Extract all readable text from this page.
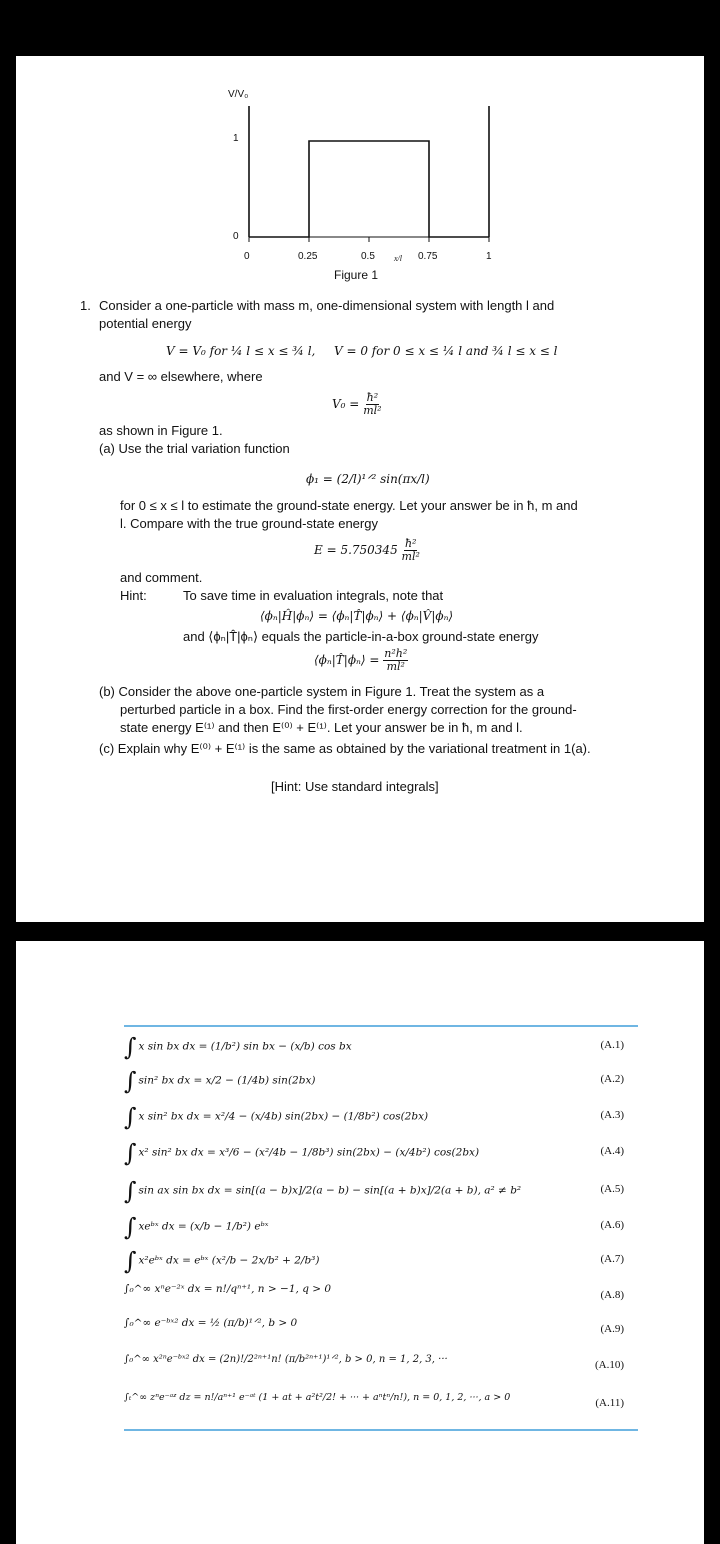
V/V₀
1
0
0	0.25	0.5 x/l 0.75	1
Figure 1
1. Consider a one-particle with mass m, one-dimensional system with length l and
potential energy
V = V₀ for ¼ l ≤ x ≤ ¾ l, V = 0 for 0 ≤ x ≤ ¼ l and ¾ l ≤ x ≤ l
and V = ∞ elsewhere, where
$V_0 = \frac{\text{ħ²}}{\text{ml²}}$
as shown in Figure 1.
(a) Use the trial variation function
ϕ₁ = (2/l)¹ᐟ² sin(πx/l)
for 0 ≤ x ≤ l to estimate the ground-state energy. Let your answer be in ħ, m and
l. Compare with the true ground-state energy
$E = 5.750345 \frac{\text{ħ²}}{\text{ml²}}$
and comment.
Hint:	To save time in evaluation integrals, note that
⟨ϕₙ|Ĥ|ϕₙ⟩ = ⟨ϕₙ|T̂|ϕₙ⟩ + ⟨ϕₙ|V̂|ϕₙ⟩
and ⟨ϕₙ|T̂|ϕₙ⟩ equals the particle-in-a-box ground-state energy
⟨ϕₙ|T̂|ϕₙ⟩ = $\frac{\text{n²h²}}{\text{ml²}}$
(b) Consider the above one-particle system in Figure 1. Treat the system as a
perturbed particle in a box. Find the first-order energy correction for the ground-
state energy E⁽¹⁾ and then E⁽⁰⁾ + E⁽¹⁾. Let your answer be in ħ, m and l.
(c) Explain why E⁽⁰⁾ + E⁽¹⁾ is the same as obtained by the variational treatment in 1(a).
[Hint: Use standard integrals]
∫ x sin bx dx = (1/b²) sin bx − (x/b) cos bx	(A.1)
∫ sin² bx dx = x/2 − (1/4b) sin(2bx)	(A.2)
∫ x sin² bx dx = x²/4 − (x/4b) sin(2bx) − (1/8b²) cos(2bx)	(A.3)
∫ x² sin² bx dx = x³/6 − (x²/4b − 1/8b³) sin(2bx) − (x/4b²) cos(2bx)	(A.4)
∫ sin ax sin bx dx = sin[(a − b)x]/2(a − b) − sin[(a + b)x]/2(a + b), a² ≠ b²	(A.5)
∫ xeᵇˣ dx = (x/b − 1/b²) eᵇˣ	(A.6)
∫ x²eᵇˣ dx = eᵇˣ (x²/b − 2x/b² + 2/b³)	(A.7)
∫₀^∞ xⁿe⁻²ˣ dx = n!/qⁿ⁺¹, n > −1, q > 0	(A.8)
∫₀^∞ e⁻ᵇˣ² dx = ½ (π/b)¹ᐟ², b > 0	(A.9)
∫₀^∞ x²ⁿe⁻ᵇˣ² dx = (2n)!/2²ⁿ⁺¹n! (π/b²ⁿ⁺¹)¹ᐟ², b > 0, n = 1, 2, 3, ···	(A.10)
∫ₜ^∞ zⁿe⁻ᵃᶻ dz = n!/aⁿ⁺¹ e⁻ᵃᵗ (1 + at + a²t²/2! + ··· + aⁿtⁿ/n!), n = 0, 1, 2, ···, a > 0	(A.11)
